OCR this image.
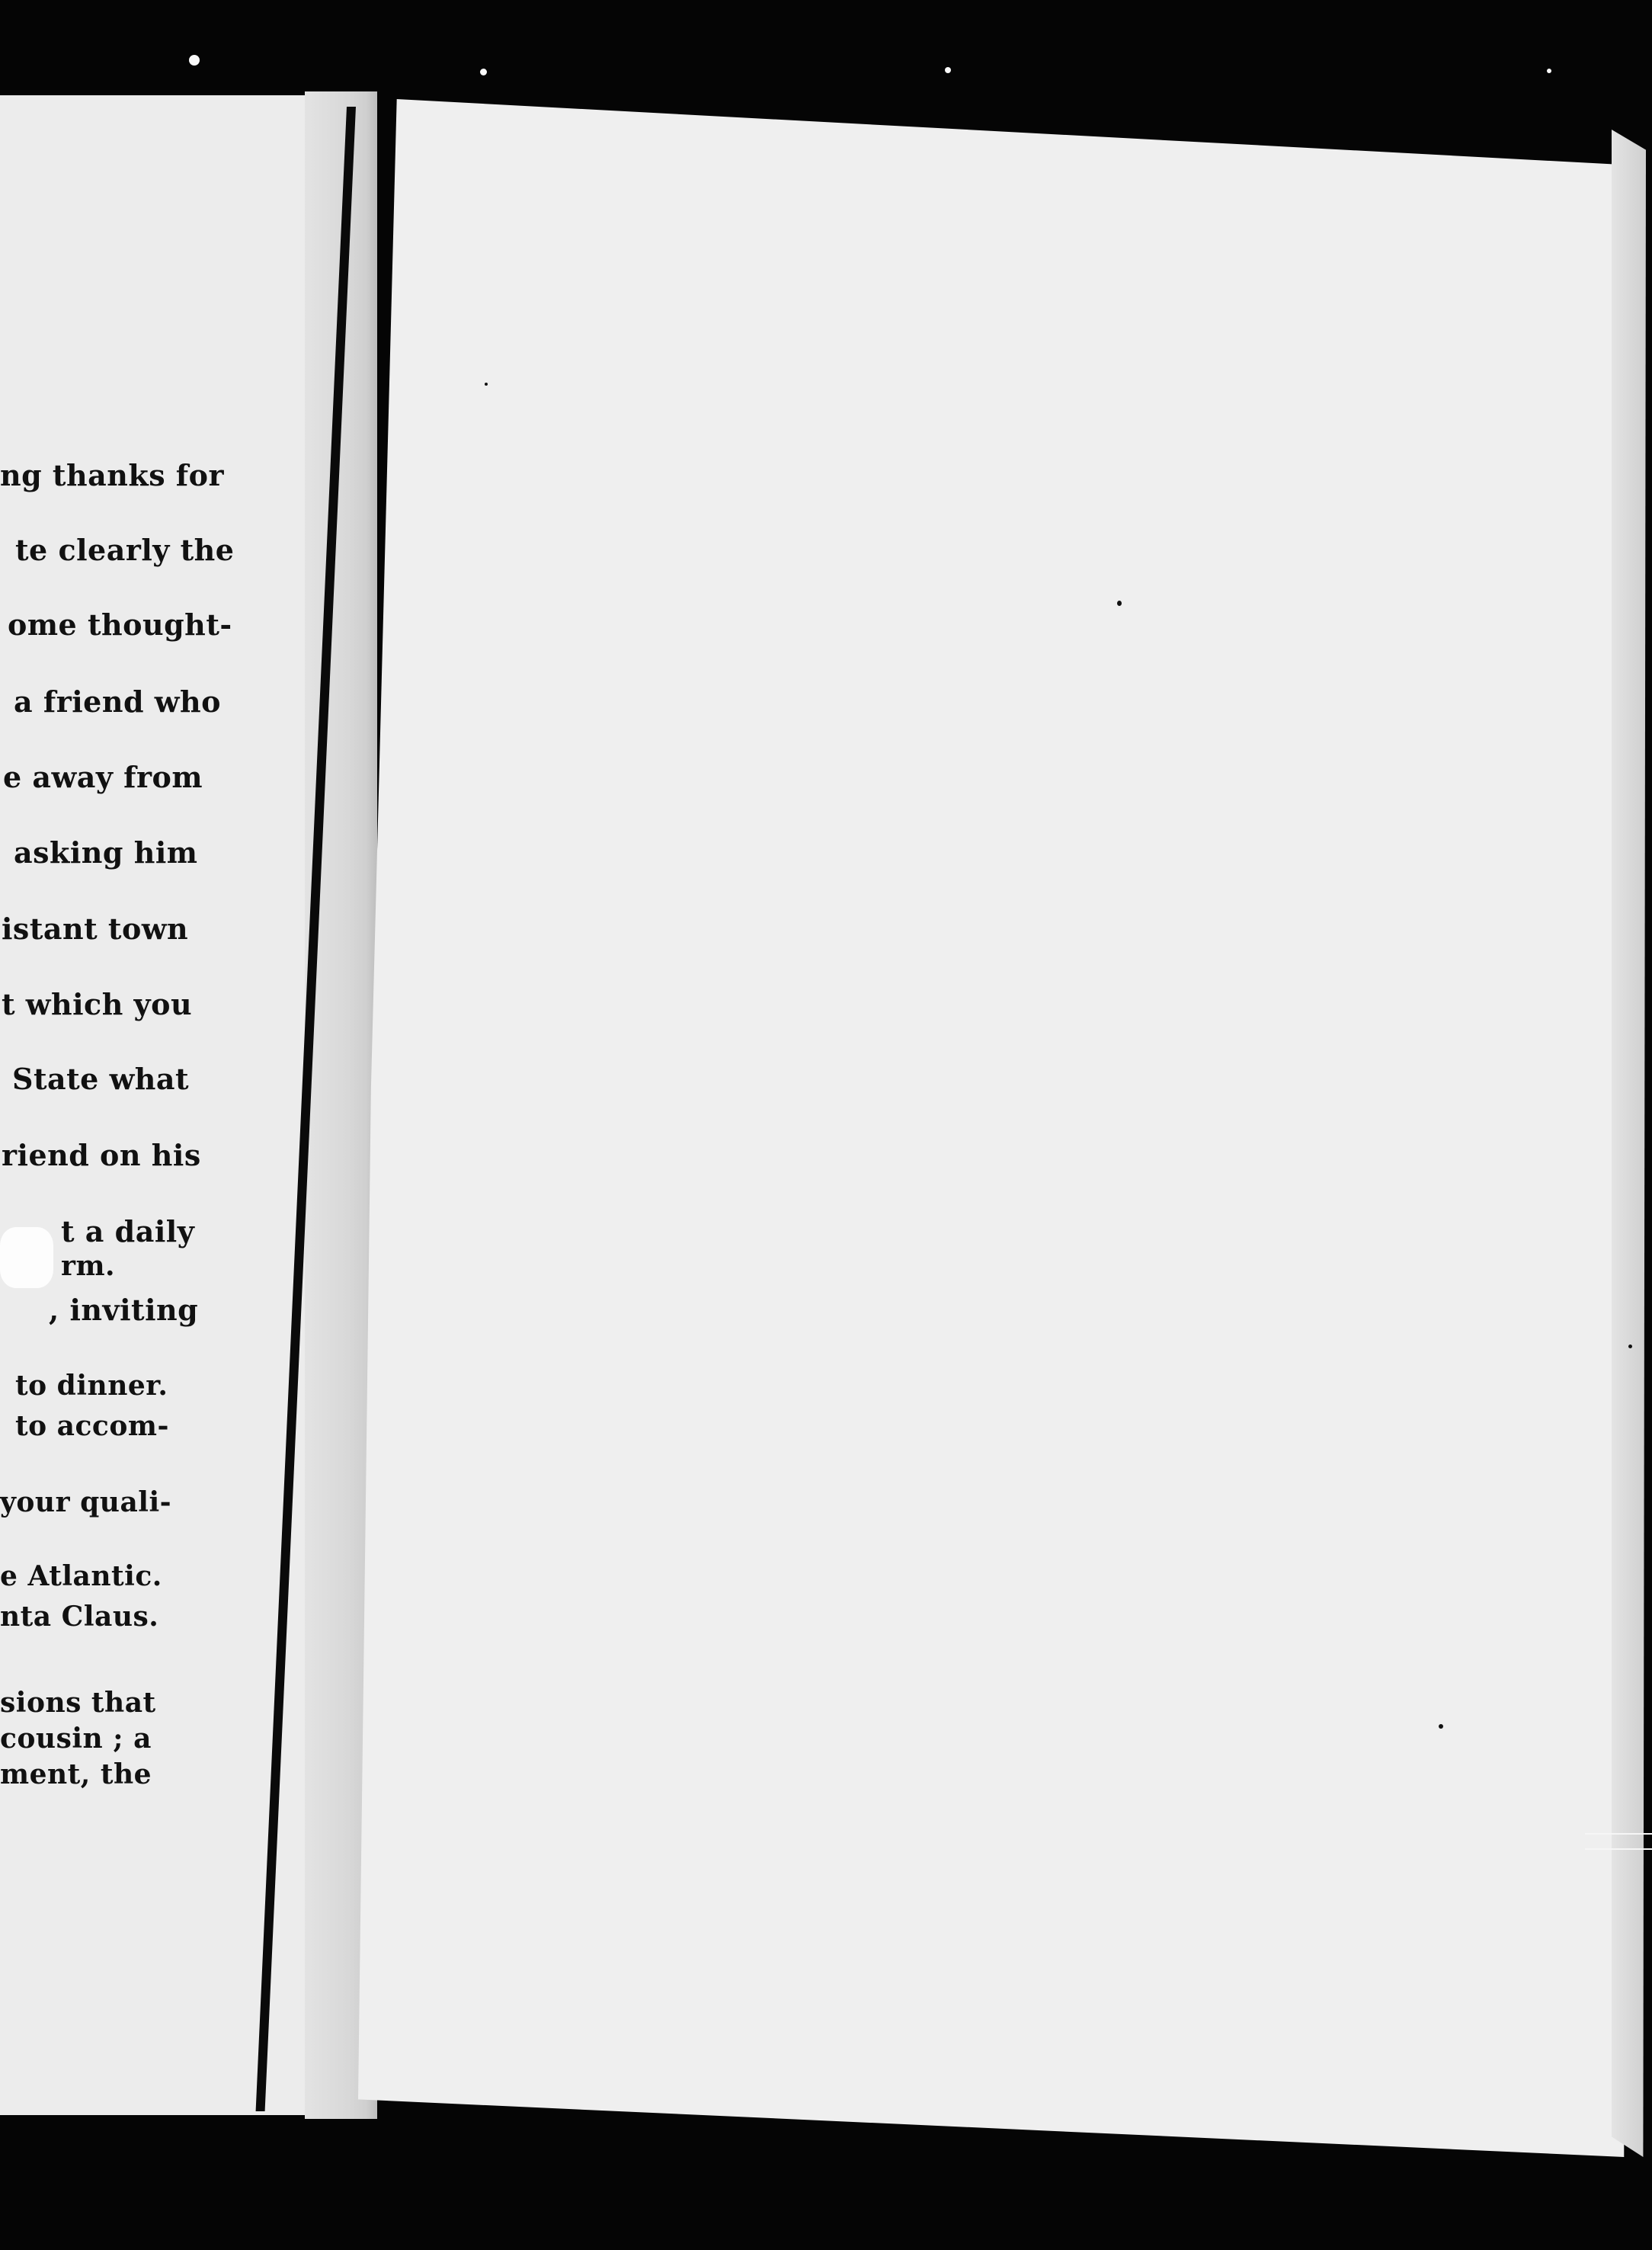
ng thanks for
te clearly the
ome thought-
a friend who
e away from
asking him
istant town
t which you
State what
riend on his
t a daily
rm.
, inviting
to dinner.
to accom-
your quali-
e Atlantic.
nta Claus.
sions that
cousin ; a
ment, the
